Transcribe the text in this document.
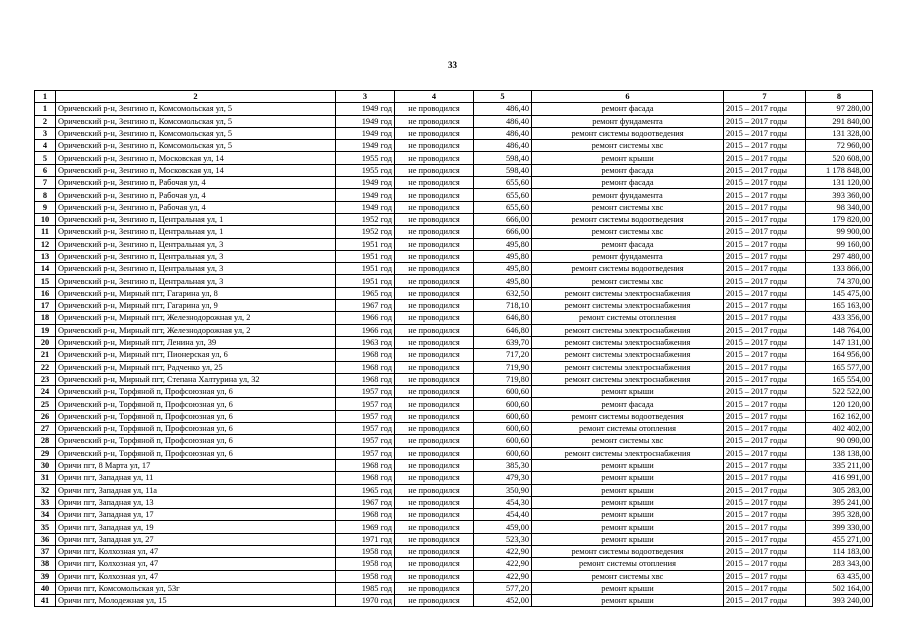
33
1	2	3	4	5	6	7	8
1	Оричевский р-н, Зенгино п, Комсомольская ул, 5	1949 год	не проводился	486,40	ремонт фасада	2015 – 2017 годы	97 280,00
2	Оричевский р-н, Зенгино п, Комсомольская ул, 5	1949 год	не проводился	486,40	ремонт фундамента	2015 – 2017 годы	291 840,00
3	Оричевский р-н, Зенгино п, Комсомольская ул, 5	1949 год	не проводился	486,40	ремонт системы водоотведения	2015 – 2017 годы	131 328,00
4	Оричевский р-н, Зенгино п, Комсомольская ул, 5	1949 год	не проводился	486,40	ремонт системы хвс	2015 – 2017 годы	72 960,00
5	Оричевский р-н, Зенгино п, Московская ул, 14	1955 год	не проводился	598,40	ремонт крыши	2015 – 2017 годы	520 608,00
6	Оричевский р-н, Зенгино п, Московская ул, 14	1955 год	не проводился	598,40	ремонт фасада	2015 – 2017 годы	1 178 848,00
7	Оричевский р-н, Зенгино п, Рабочая ул, 4	1949 год	не проводился	655,60	ремонт фасада	2015 – 2017 годы	131 120,00
8	Оричевский р-н, Зенгино п, Рабочая ул, 4	1949 год	не проводился	655,60	ремонт фундамента	2015 – 2017 годы	393 360,00
9	Оричевский р-н, Зенгино п, Рабочая ул, 4	1949 год	не проводился	655,60	ремонт системы хвс	2015 – 2017 годы	98 340,00
10	Оричевский р-н, Зенгино п, Центральная ул, 1	1952 год	не проводился	666,00	ремонт системы водоотведения	2015 – 2017 годы	179 820,00
11	Оричевский р-н, Зенгино п, Центральная ул, 1	1952 год	не проводился	666,00	ремонт системы хвс	2015 – 2017 годы	99 900,00
12	Оричевский р-н, Зенгино п, Центральная ул, 3	1951 год	не проводился	495,80	ремонт фасада	2015 – 2017 годы	99 160,00
13	Оричевский р-н, Зенгино п, Центральная ул, 3	1951 год	не проводился	495,80	ремонт фундамента	2015 – 2017 годы	297 480,00
14	Оричевский р-н, Зенгино п, Центральная ул, 3	1951 год	не проводился	495,80	ремонт системы водоотведения	2015 – 2017 годы	133 866,00
15	Оричевский р-н, Зенгино п, Центральная ул, 3	1951 год	не проводился	495,80	ремонт системы хвс	2015 – 2017 годы	74 370,00
16	Оричевский р-н, Мирный пгт, Гагарина ул, 8	1965 год	не проводился	632,50	ремонт системы электроснабжения	2015 – 2017 годы	145 475,00
17	Оричевский р-н, Мирный пгт, Гагарина ул, 9	1967 год	не проводился	718,10	ремонт системы электроснабжения	2015 – 2017 годы	165 163,00
18	Оричевский р-н, Мирный пгт, Железнодорожная ул, 2	1966 год	не проводился	646,80	ремонт системы отопления	2015 – 2017 годы	433 356,00
19	Оричевский р-н, Мирный пгт, Железнодорожная ул, 2	1966 год	не проводился	646,80	ремонт системы электроснабжения	2015 – 2017 годы	148 764,00
20	Оричевский р-н, Мирный пгт, Ленина ул, 39	1963 год	не проводился	639,70	ремонт системы электроснабжения	2015 – 2017 годы	147 131,00
21	Оричевский р-н, Мирный пгт, Пионерская ул, 6	1968 год	не проводился	717,20	ремонт системы электроснабжения	2015 – 2017 годы	164 956,00
22	Оричевский р-н, Мирный пгт, Радченко ул, 25	1968 год	не проводился	719,90	ремонт системы электроснабжения	2015 – 2017 годы	165 577,00
23	Оричевский р-н, Мирный пгт, Степана Халтурина ул, 32	1968 год	не проводился	719,80	ремонт системы электроснабжения	2015 – 2017 годы	165 554,00
24	Оричевский р-н, Торфяной п, Профсоюзная ул, 6	1957 год	не проводился	600,60	ремонт крыши	2015 – 2017 годы	522 522,00
25	Оричевский р-н, Торфяной п, Профсоюзная ул, 6	1957 год	не проводился	600,60	ремонт фасада	2015 – 2017 годы	120 120,00
26	Оричевский р-н, Торфяной п, Профсоюзная ул, 6	1957 год	не проводился	600,60	ремонт системы водоотведения	2015 – 2017 годы	162 162,00
27	Оричевский р-н, Торфяной п, Профсоюзная ул, 6	1957 год	не проводился	600,60	ремонт системы отопления	2015 – 2017 годы	402 402,00
28	Оричевский р-н, Торфяной п, Профсоюзная ул, 6	1957 год	не проводился	600,60	ремонт системы хвс	2015 – 2017 годы	90 090,00
29	Оричевский р-н, Торфяной п, Профсоюзная ул, 6	1957 год	не проводился	600,60	ремонт системы электроснабжения	2015 – 2017 годы	138 138,00
30	Оричи пгт, 8 Марта ул, 17	1968 год	не проводился	385,30	ремонт крыши	2015 – 2017 годы	335 211,00
31	Оричи пгт, Западная ул, 11	1968 год	не проводился	479,30	ремонт крыши	2015 – 2017 годы	416 991,00
32	Оричи пгт, Западная ул, 11а	1965 год	не проводился	350,90	ремонт крыши	2015 – 2017 годы	305 283,00
33	Оричи пгт, Западная ул, 13	1967 год	не проводился	454,30	ремонт крыши	2015 – 2017 годы	395 241,00
34	Оричи пгт, Западная ул, 17	1968 год	не проводился	454,40	ремонт крыши	2015 – 2017 годы	395 328,00
35	Оричи пгт, Западная ул, 19	1969 год	не проводился	459,00	ремонт крыши	2015 – 2017 годы	399 330,00
36	Оричи пгт, Западная ул, 27	1971 год	не проводился	523,30	ремонт крыши	2015 – 2017 годы	455 271,00
37	Оричи пгт, Колхозная ул, 47	1958 год	не проводился	422,90	ремонт системы водоотведения	2015 – 2017 годы	114 183,00
38	Оричи пгт, Колхозная ул, 47	1958 год	не проводился	422,90	ремонт системы отопления	2015 – 2017 годы	283 343,00
39	Оричи пгт, Колхозная ул, 47	1958 год	не проводился	422,90	ремонт системы хвс	2015 – 2017 годы	63 435,00
40	Оричи пгт, Комсомольская ул, 53г	1985 год	не проводился	577,20	ремонт крыши	2015 – 2017 годы	502 164,00
41	Оричи пгт, Молодежная ул, 15	1970 год	не проводился	452,00	ремонт крыши	2015 – 2017 годы	393 240,00
